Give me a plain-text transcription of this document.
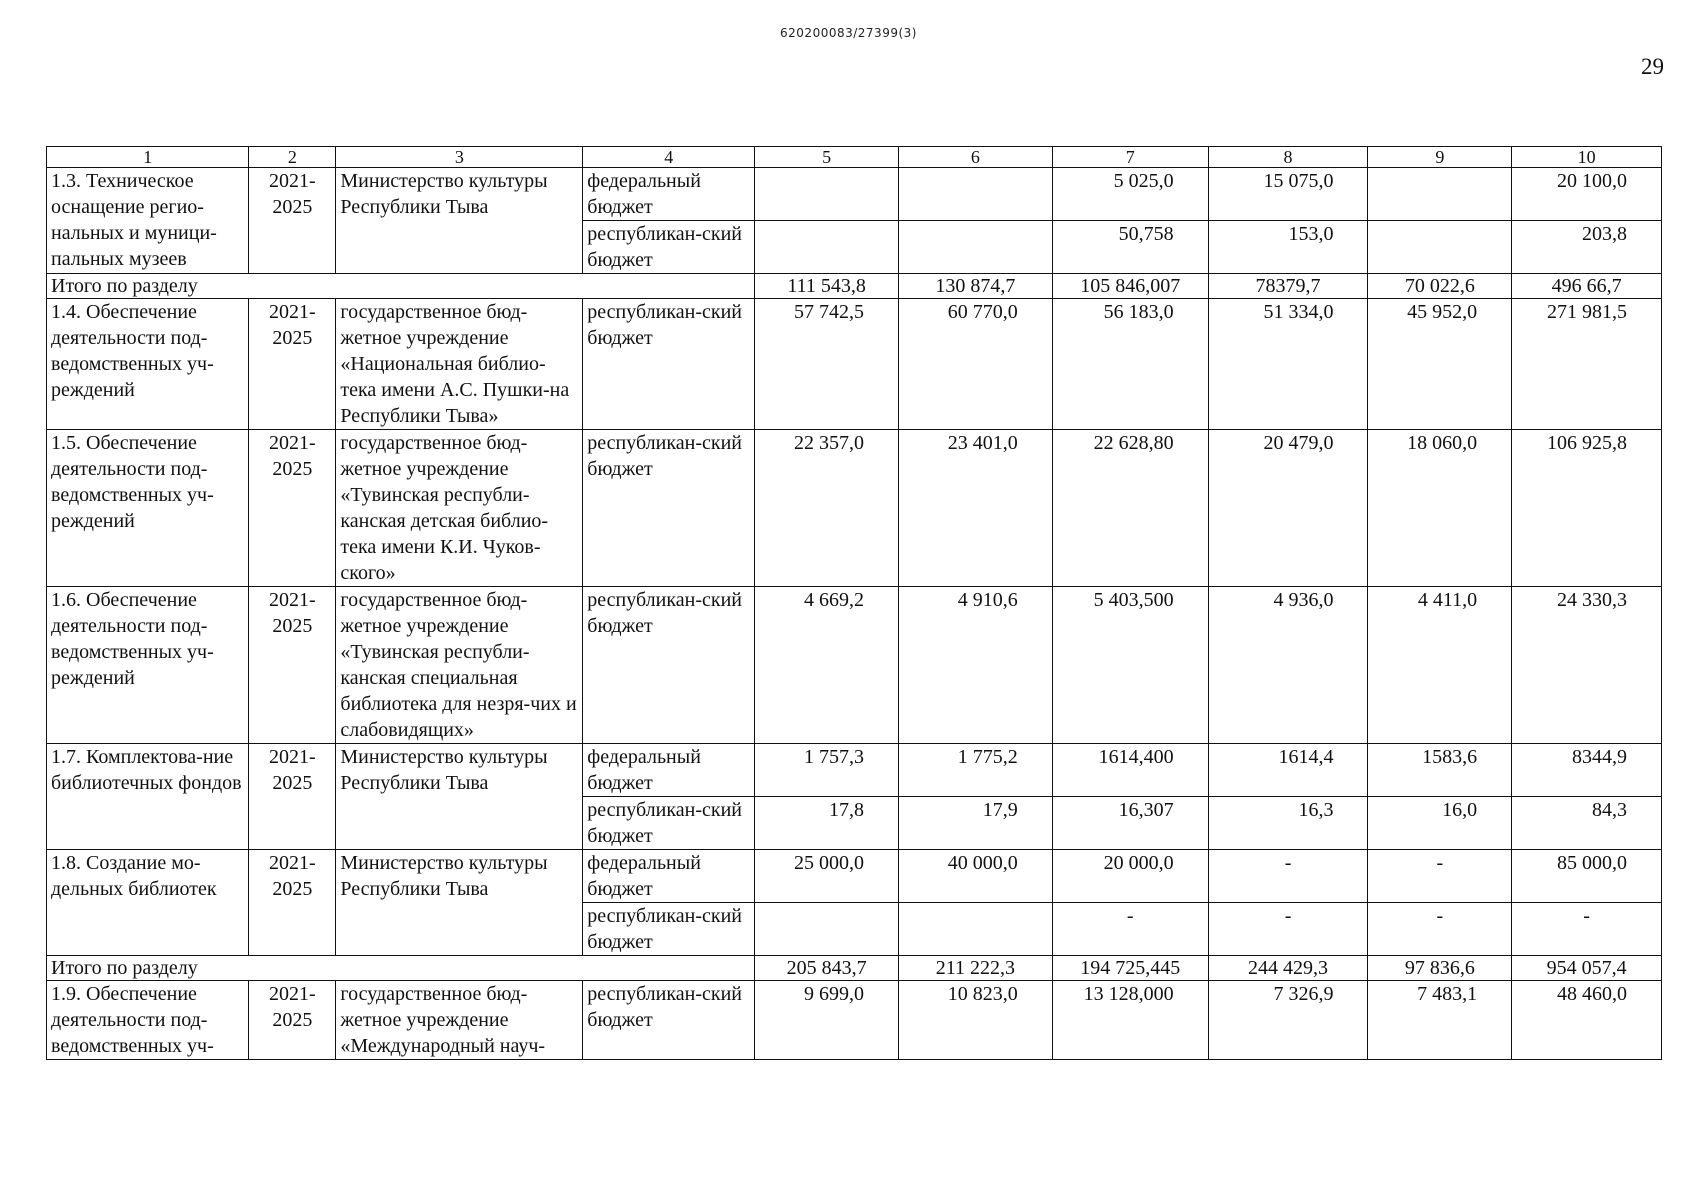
620200083/27399(3)
29
1	2	3	4	5	6	7	8	9	10
1.3. Техническое оснащение регио-нальных и муници-пальных музеев	2021-2025	Министерство культуры Республики Тыва	федеральный бюджет			5 025,0	15 075,0		20 100,0
			республикан-ский бюджет			50,758	153,0		203,8
Итого по разделу				111 543,8	130 874,7	105 846,007	78379,7	70 022,6	496 66,7
1.4. Обеспечение деятельности под-ведомственных уч-реждений	2021-2025	государственное бюд-жетное учреждение «Национальная библио-тека имени А.С. Пушки-на Республики Тыва»	республикан-ский бюджет	57 742,5	60 770,0	56 183,0	51 334,0	45 952,0	271 981,5
1.5. Обеспечение деятельности под-ведомственных уч-реждений	2021-2025	государственное бюд-жетное учреждение «Тувинская республи-канская детская библио-тека имени К.И. Чуков-ского»	республикан-ский бюджет	22 357,0	23 401,0	22 628,80	20 479,0	18 060,0	106 925,8
1.6. Обеспечение деятельности под-ведомственных уч-реждений	2021-2025	государственное бюд-жетное учреждение «Тувинская республи-канская специальная библиотека для незря-чих и слабовидящих»	республикан-ский бюджет	4 669,2	4 910,6	5 403,500	4 936,0	4 411,0	24 330,3
1.7. Комплектова-ние библиотечных фондов	2021-2025	Министерство культуры Республики Тыва	федеральный бюджет	1 757,3	1 775,2	1614,400	1614,4	1583,6	8344,9
			республикан-ский бюджет	17,8	17,9	16,307	16,3	16,0	84,3
1.8. Создание мо-дельных библиотек	2021-2025	Министерство культуры Республики Тыва	федеральный бюджет	25 000,0	40 000,0	20 000,0	-	-	85 000,0
			республикан-ский бюджет			-	-	-	-
Итого по разделу				205 843,7	211 222,3	194 725,445	244 429,3	97 836,6	954 057,4
1.9. Обеспечение деятельности под-ведомственных уч-	2021-2025	государственное бюд-жетное учреждение «Международный науч-	республикан-ский бюджет	9 699,0	10 823,0	13 128,000	7 326,9	7 483,1	48 460,0
